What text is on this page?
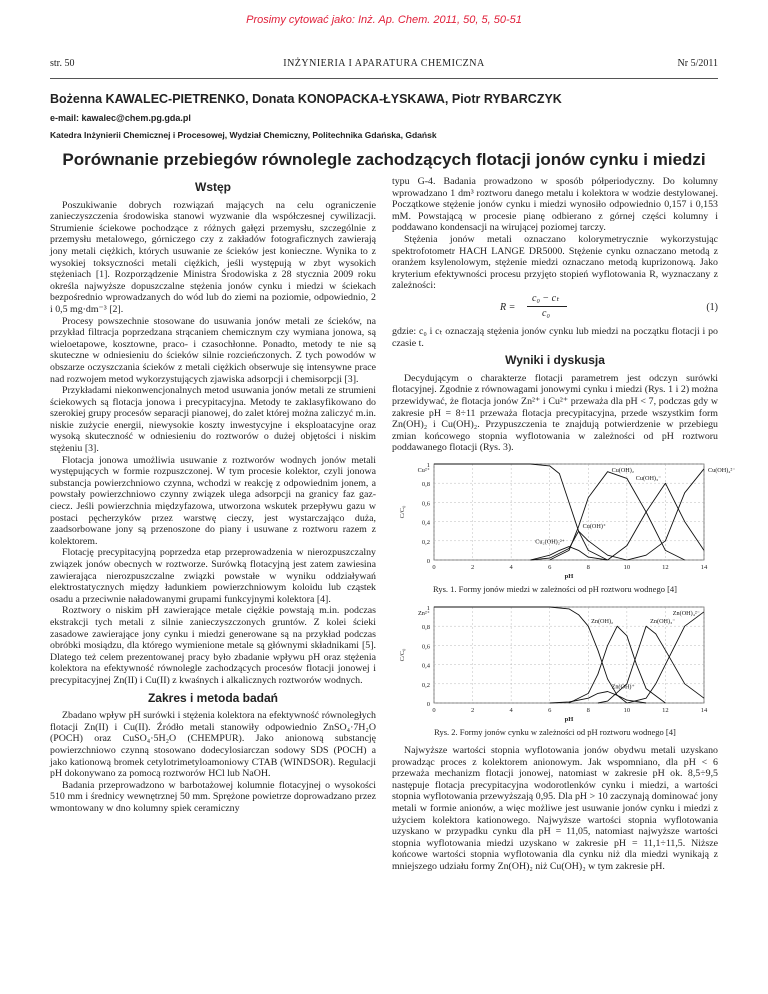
Prosimy cytować jako: Inż. Ap. Chem. 2011, 50, 5, 50-51
str. 50	INŻYNIERIA I APARATURA CHEMICZNA	Nr 5/2011
Bożenna KAWALEC-PIETRENKO, Donata KONOPACKA-ŁYSKAWA, Piotr RYBARCZYK
e-mail: kawalec@chem.pg.gda.pl
Katedra Inżynierii Chemicznej i Procesowej, Wydział Chemiczny, Politechnika Gdańska, Gdańsk
Porównanie przebiegów równolegle zachodzących flotacji jonów cynku i miedzi
Wstęp

Poszukiwanie dobrych rozwiązań mających na celu ograniczenie zanieczyszczenia środowiska stanowi wyzwanie dla współczesnej cywilizacji. Strumienie ściekowe pochodzące z różnych gałęzi przemysłu, szczególnie z przemysłu metalowego, górniczego czy z zakładów fotograficznych zawierają jony metali ciężkich, których usuwanie ze ścieków jest konieczne. Wynika to z wysokiej toksyczności metali ciężkich, jeśli występują w zbyt wysokich stężeniach [1]. Rozporządzenie Ministra Środowiska z 28 stycznia 2009 roku określa najwyższe dopuszczalne stężenia jonów cynku i miedzi w ściekach bezpośrednio wprowadzanych do wód lub do ziemi na poziomie, odpowiednio, 2 i 0,5 mg·dm⁻³ [2].

Procesy powszechnie stosowane do usuwania jonów metali ze ścieków, na przykład filtracja poprzedzana strącaniem chemicznym czy wymiana jonowa, są wieloetapowe, kosztowne, praco- i czasochłonne. Ponadto, metody te nie są skuteczne w odniesieniu do ścieków silnie rozcieńczonych. Z tych powodów w obszarze oczyszczania ścieków z metali ciężkich obserwuje się intensywne prace nad rozwojem metod wykorzystujących zjawiska adsorpcji i chemisorpcji [3].

Przykładami niekonwencjonalnych metod usuwania jonów metali ze strumieni ściekowych są flotacja jonowa i precypitacyjna. Metody te zaklasyfikowano do szerokiej grupy procesów separacji pianowej, do zalet której można zaliczyć m.in. niskie zużycie energii, niewysokie koszty inwestycyjne i eksploatacyjne oraz wysoką skuteczność w odniesieniu do roztworów o dużej objętości i niskim stężeniu [3].

Flotacja jonowa umożliwia usuwanie z roztworów wodnych jonów metali występujących w formie rozpuszczonej. W tym procesie kolektor, czyli jonowa substancja powierzchniowo czynna, wchodzi w reakcję z odpowiednim jonem, a powstały powierzchniowo czynny związek ulega adsorpcji na granicy faz gaz-ciecz. Jeśli powierzchnia międzyfazowa, utworzona wskutek przepływu gazu w postaci pęcherzyków przez warstwę cieczy, jest wystarczająco duża, zaadsorbowane jony są przenoszone do piany i usuwane z roztworu razem z kolektorem.

Flotację precypitacyjną poprzedza etap przeprowadzenia w nierozpuszczalny związek jonów obecnych w roztworze. Surówką flotacyjną jest zatem zawiesina zawierająca nierozpuszczalne związki powstałe w wyniku oddziaływań elektrostatycznych między ładunkiem powierzchniowym koloidu lub cząstek osadu a przeciwnie naładowanymi grupami funkcyjnymi kolektora [4].

Roztwory o niskim pH zawierające metale ciężkie powstają m.in. podczas ekstrakcji tych metali z silnie zanieczyszczonych gruntów. Z kolei ścieki zasadowe zawierające jony cynku i miedzi generowane są na przykład podczas obróbki mosiądzu, dla którego wymienione metale są głównymi składnikami [5]. Dlatego też celem prezentowanej pracy było zbadanie wpływu pH oraz stężenia kolektora na efektywność równolegle zachodzących procesów flotacji jonowej i precypitacyjnej Zn(II) i Cu(II) z kwaśnych i alkalicznych roztworów wodnych.

Zakres i metoda badań

Zbadano wpływ pH surówki i stężenia kolektora na efektywność równoległych flotacji Zn(II) i Cu(II). Źródło metali stanowiły odpowiednio ZnSO₄·7H₂O (POCH) oraz CuSO₄·5H₂O (CHEMPUR). Jako anionową substancję powierzchniowo czynną stosowano dodecylosiarczan sodowy SDS (POCH) a jako kationową bromek cetylotrimetyloamoniowy CTAB (WINDSOR). Regulacji pH dokonywano za pomocą roztworów HCl lub NaOH.

Badania przeprowadzono w barbotażowej kolumnie flotacyjnej o wysokości 510 mm i średnicy wewnętrznej 50 mm. Sprężone powietrze doprowadzano przez wmontowany w dno kolumny spiek ceramiczny

typu G-4. Badania prowadzono w sposób półperiodyczny. Do kolumny wprowadzano 1 dm³ roztworu danego metalu i kolektora w wodzie destylowanej. Początkowe stężenie jonów cynku i miedzi wynosiło odpowiednio 0,157 i 0,153 mM. Powstającą w procesie pianę odbierano z górnej części kolumny i poddawano kondensacji na wirującej poziomej tarczy.

Stężenia jonów metali oznaczano kolorymetrycznie wykorzystując spektrofotometr HACH LANGE DR5000. Stężenie cynku oznaczano metodą z oranżem ksylenolowym, stężenie miedzi oznaczano metodą kuprizonową. Jako kryterium efektywności procesu przyjęto stopień wyflotowania R, wyznaczany z zależności:

R =
c₀ − cₜ
c₀
(1)

gdzie: c₀ i cₜ oznaczają stężenia jonów cynku lub miedzi na początku flotacji i po czasie t.

Wyniki i dyskusja

Decydującym o charakterze flotacji parametrem jest odczyn surówki flotacyjnej. Zgodnie z równowagami jonowymi cynku i miedzi (Rys. 1 i 2) można przewidywać, że flotacja jonów Zn²⁺ i Cu²⁺ przeważa dla pH < 7, podczas gdy w zakresie pH = 8÷11 przeważa flotacja precypitacyjna, przede wszystkim form Zn(OH)₂ i Cu(OH)₂. Przypuszczenia te znajdują potwierdzenie w przebiegu zmian końcowego stopnia wyflotowania w zależności od pH roztworu poddawanego flotacji (Rys. 3).

0
0,2
0,4
0,6
0,8
1
0	2	4	6	8	10	12	14
pH
C/C₀
Cu²⁺
Cu(OH)⁺
Cu₂(OH)₂²⁺
Cu(OH)₂
Cu(OH)₃⁻
Cu(OH)₄²⁻
Rys. 1. Formy jonów miedzi w zależności od pH roztworu wodnego [4]
0
0,2
0,4
0,6
0,8
1
0	2	4	6	8	10	12	14
pH
C/C₀
Zn²⁺
Zn(OH)⁺
Zn(OH)₂	Zn(OH)₃⁻
Zn(OH)₄²⁻
Rys. 2. Formy jonów cynku w zależności od pH roztworu wodnego [4]

Najwyższe wartości stopnia wyflotowania jonów obydwu metali uzyskano prowadząc proces z kolektorem anionowym. Jak wspomniano, dla pH < 6 przeważa mechanizm flotacji jonowej, natomiast w zakresie pH ok. 8,5÷9,5 następuje flotacja precypitacyjna wodorotlenków cynku i miedzi, a wartości stopnia wyflotowania przewyższają 0,95. Dla pH > 10 zaczynają dominować jony metali w formie anionów, a więc możliwe jest usuwanie jonów cynku i miedzi z użyciem kolektora kationowego. Najwyższe wartości stopnia wyflotowania uzyskano w przypadku cynku dla pH = 11,05, natomiast najwyższe wartości stopnia wyflotowania miedzi uzyskano w zakresie pH = 11,1÷11,5. Niższe końcowe wartości stopnia wyflotowania dla cynku niż dla miedzi wynikają z mniejszego udziału formy Zn(OH)₂ niż Cu(OH)₂ w tym zakresie pH.
